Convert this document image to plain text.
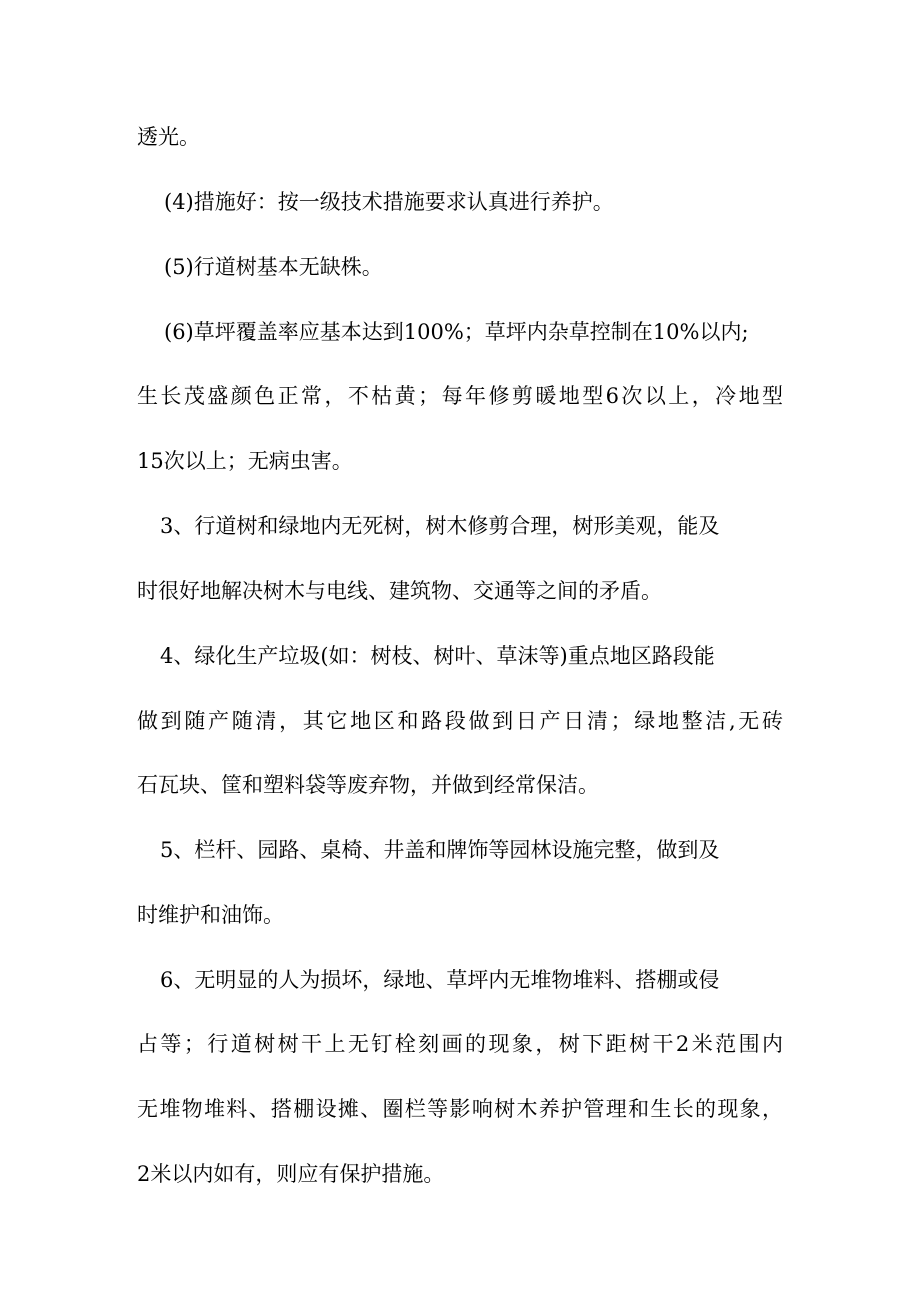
透光。
(4)措施好：按一级技术措施要求认真进行养护。
(5)行道树基本无缺株。
(6)草坪覆盖率应基本达到100%；草坪内杂草控制在10%以内;
生长茂盛颜色正常，不枯黄；每年修剪暖地型6次以上，冷地型
15次以上；无病虫害。
3、行道树和绿地内无死树，树木修剪合理，树形美观，能及
时很好地解决树木与电线、建筑物、交通等之间的矛盾。
4、绿化生产垃圾(如：树枝、树叶、草沫等)重点地区路段能
做到随产随清，其它地区和路段做到日产日清；绿地整洁,无砖
石瓦块、筐和塑料袋等废弃物，并做到经常保洁。
5、栏杆、园路、桌椅、井盖和牌饰等园林设施完整，做到及
时维护和油饰。
6、无明显的人为损坏，绿地、草坪内无堆物堆料、搭棚或侵
占等；行道树树干上无钉栓刻画的现象，树下距树干2米范围内
无堆物堆料、搭棚设摊、圈栏等影响树木养护管理和生长的现象，
2米以内如有，则应有保护措施。
